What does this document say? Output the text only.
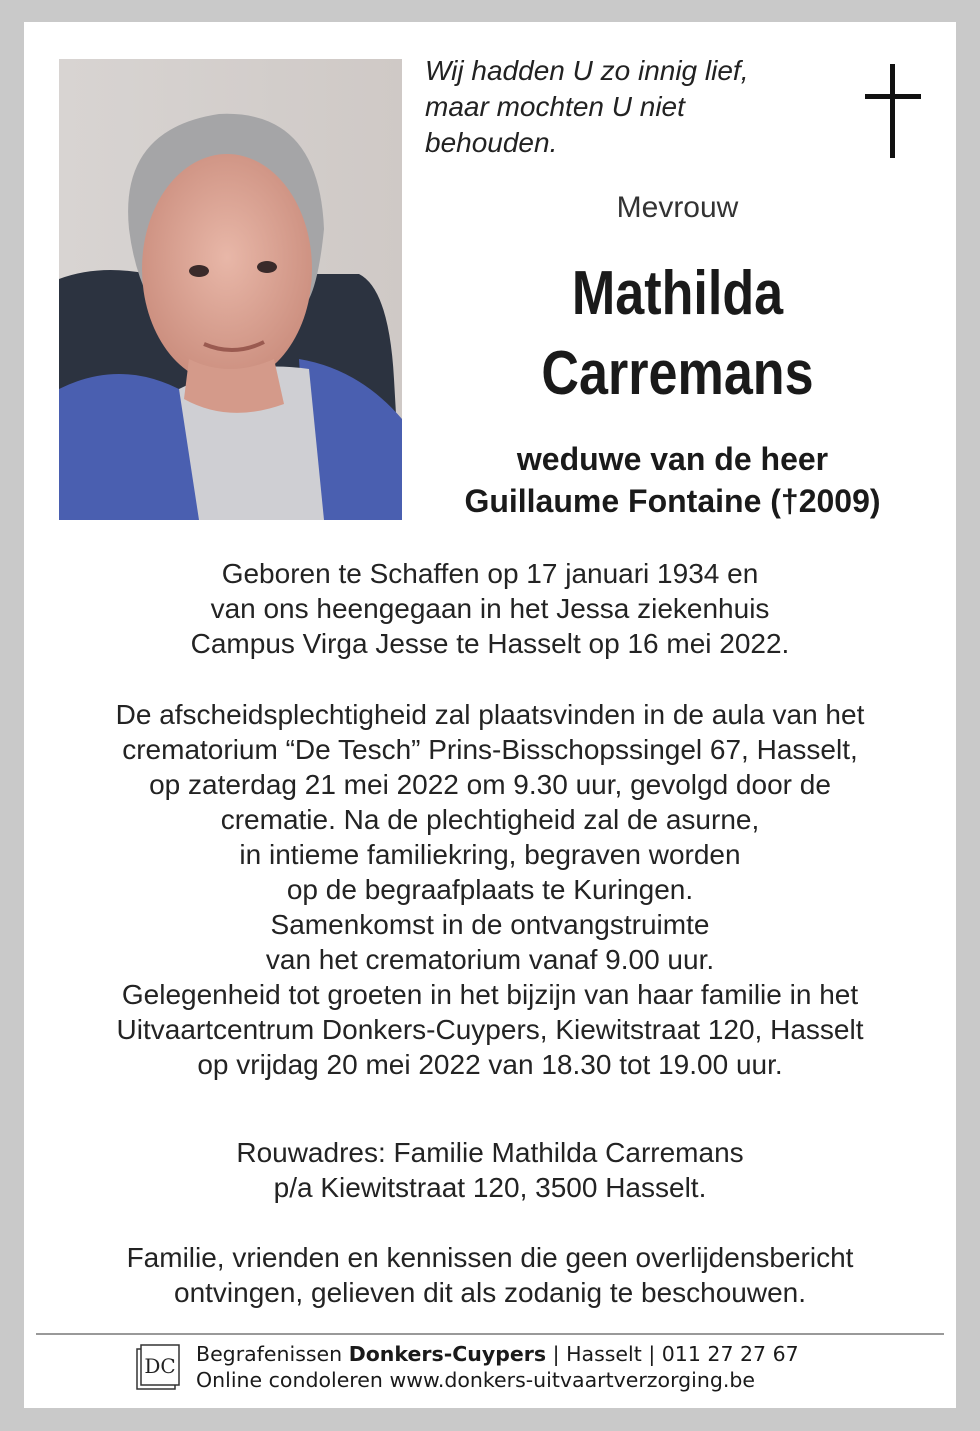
Wij hadden U zo innig lief,
maar mochten U niet
behouden.
Mevrouw
Mathilda
Carremans
weduwe van de heer
Guillaume Fontaine (†2009)
Geboren te Schaffen op 17 januari 1934 en
van ons heengegaan in het Jessa ziekenhuis
Campus Virga Jesse te Hasselt op 16 mei 2022.
De afscheidsplechtigheid zal plaatsvinden in de aula van het
crematorium “De Tesch” Prins-Bisschopssingel 67, Hasselt,
op zaterdag 21 mei 2022 om 9.30 uur, gevolgd door de
crematie. Na de plechtigheid zal de asurne,
in intieme familiekring, begraven worden
op de begraafplaats te Kuringen.
Samenkomst in de ontvangstruimte
van het crematorium vanaf 9.00 uur.
Gelegenheid tot groeten in het bijzijn van haar familie in het
Uitvaartcentrum Donkers-Cuypers, Kiewitstraat 120, Hasselt
op vrijdag 20 mei 2022 van 18.30 tot 19.00 uur.
Rouwadres: Familie Mathilda Carremans
p/a Kiewitstraat 120, 3500 Hasselt.
Familie, vrienden en kennissen die geen overlijdensbericht
ontvingen, gelieven dit als zodanig te beschouwen.
DC Begrafenissen Donkers-Cuypers | Hasselt | 011 27 27 67
Online condoleren www.donkers-uitvaartverzorging.be
